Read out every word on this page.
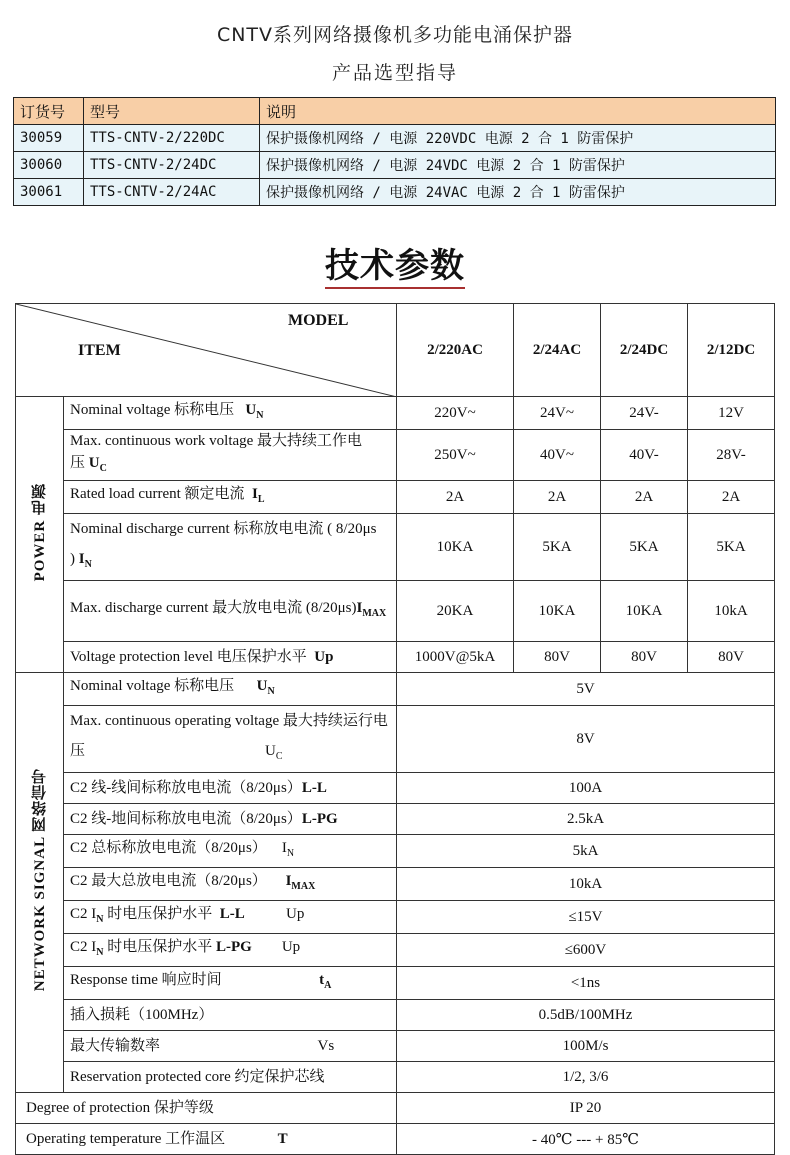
CNTV系列网络摄像机多功能电涌保护器
产品选型指导
订货号	型号	说明
30059	TTS-CNTV-2/220DC	保护摄像机网络 / 电源 220VDC 电源 2 合 1 防雷保护
30060	TTS-CNTV-2/24DC	保护摄像机网络 / 电源 24VDC 电源 2 合 1 防雷保护
30061	TTS-CNTV-2/24AC	保护摄像机网络 / 电源 24VAC 电源 2 合 1 防雷保护
技术参数
MODEL
ITEM		2/220AC	2/24AC	2/24DC	2/12DC
POWER 电源	Nominal voltage 标称电压 $U_N$	220V~	24V~	24V-	12V
	Max. continuous work voltage 最大持续工作电压 $U_C$	250V~	40V~	40V-	28V-
	Rated load current 额定电流 $I_L$	2A	2A	2A	2A
	Nominal discharge current 标称放电电流 ( 8/20μs ) $I_N$	10KA	5KA	5KA	5KA
	Max. discharge current 最大放电电流 $(8/20\mu s)I_{MAX}$	20KA	10KA	10KA	10kA
	Voltage protection level 电压保护水平 Up	1000V@5kA	80V	80V	80V
NETWORK SIGNAL 网络信号	Nominal voltage 标称电压 $U_N$	5V			
	Max. continuous operating voltage 最大持续运行电压 $U_C$	8V			
	C2 线-线间标称放电电流（8/20μs）L-L	100A			
	C2 线-地间标称放电电流（8/20μs）L-PG	2.5kA			
	C2 总标称放电电流（8/20μs） $I_N$	5kA			
	C2 最大总放电电流（8/20μs） $I_{MAX}$	10kA			
	C2 $I_N$ 时电压保护水平 L-L Up	≤15V			
	C2 $I_N$ 时电压保护水平 L-PG Up	≤600V			
	Response time 响应时间 $t_A$	<1ns			
	插入损耗（100MHz）	0.5dB/100MHz			
	最大传输数率 Vs	100M/s			
	Reservation protected core 约定保护芯线	1/2, 3/6			
Degree of protection 保护等级		IP 20			
Operating temperature 工作温区 T		- 40℃ --- + 85℃			
